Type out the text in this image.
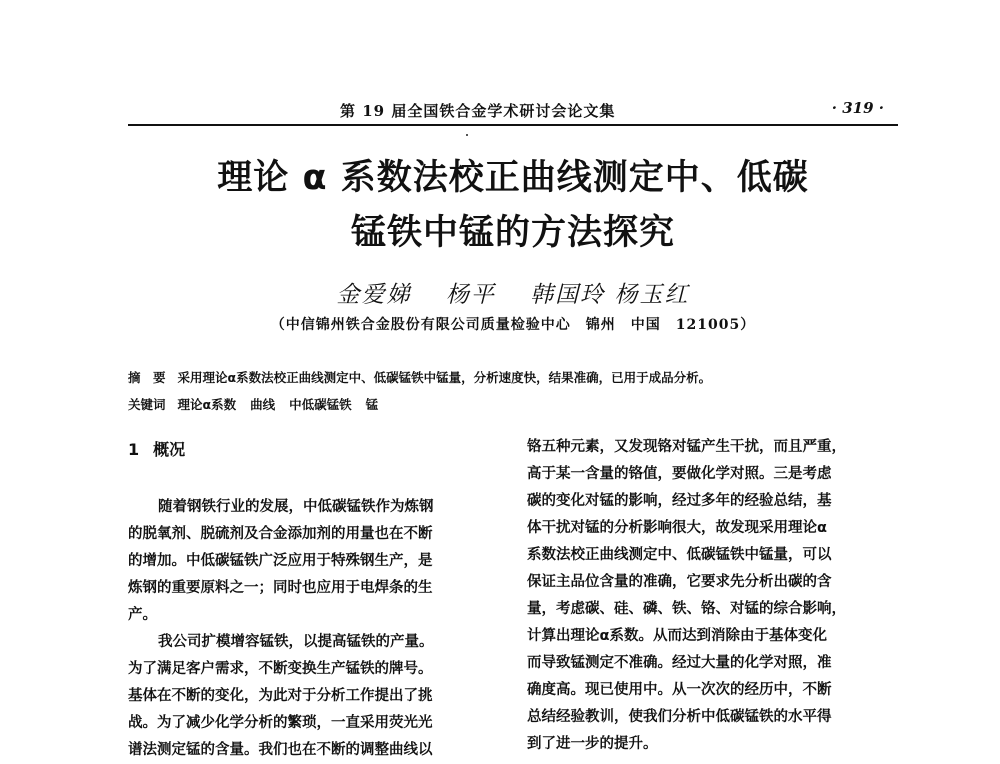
第 19 届全国铁合金学术研讨会论文集	· 319 ·
理论 α 系数法校正曲线测定中、低碳
锰铁中锰的方法探究
金爱娣　 杨平　 韩国玲 杨玉红
（中信锦州铁合金股份有限公司质量检验中心　锦州　中国　121005）
摘　要 采用理论α系数法校正曲线测定中、低碳锰铁中锰量，分析速度快，结果准确，已用于成品分析。
关键词 理论α系数 曲线 中低碳锰铁 锰
1 概况
随着钢铁行业的发展，中低碳锰铁作为炼钢
的脱氧剂、脱硫剂及合金添加剂的用量也在不断
的增加。中低碳锰铁广泛应用于特殊钢生产，是
炼钢的重要原料之一；同时也应用于电焊条的生
产。
我公司扩模增容锰铁，以提高锰铁的产量。
为了满足客户需求，不断变换生产锰铁的牌号。
基体在不断的变化，为此对于分析工作提出了挑
战。为了减少化学分析的繁琐，一直采用荧光光
谱法测定锰的含量。我们也在不断的调整曲线以
铬五种元素，又发现铬对锰产生干扰，而且严重，
高于某一含量的铬值，要做化学对照。三是考虑
碳的变化对锰的影响，经过多年的经验总结，基
体干扰对锰的分析影响很大，故发现采用理论α
系数法校正曲线测定中、低碳锰铁中锰量，可以
保证主品位含量的准确，它要求先分析出碳的含
量，考虑碳、硅、磷、铁、铬、对锰的综合影响，
计算出理论α系数。从而达到消除由于基体变化
而导致锰测定不准确。经过大量的化学对照，准
确度高。现已使用中。从一次次的经历中，不断
总结经验教训，使我们分析中低碳锰铁的水平得
到了进一步的提升。
